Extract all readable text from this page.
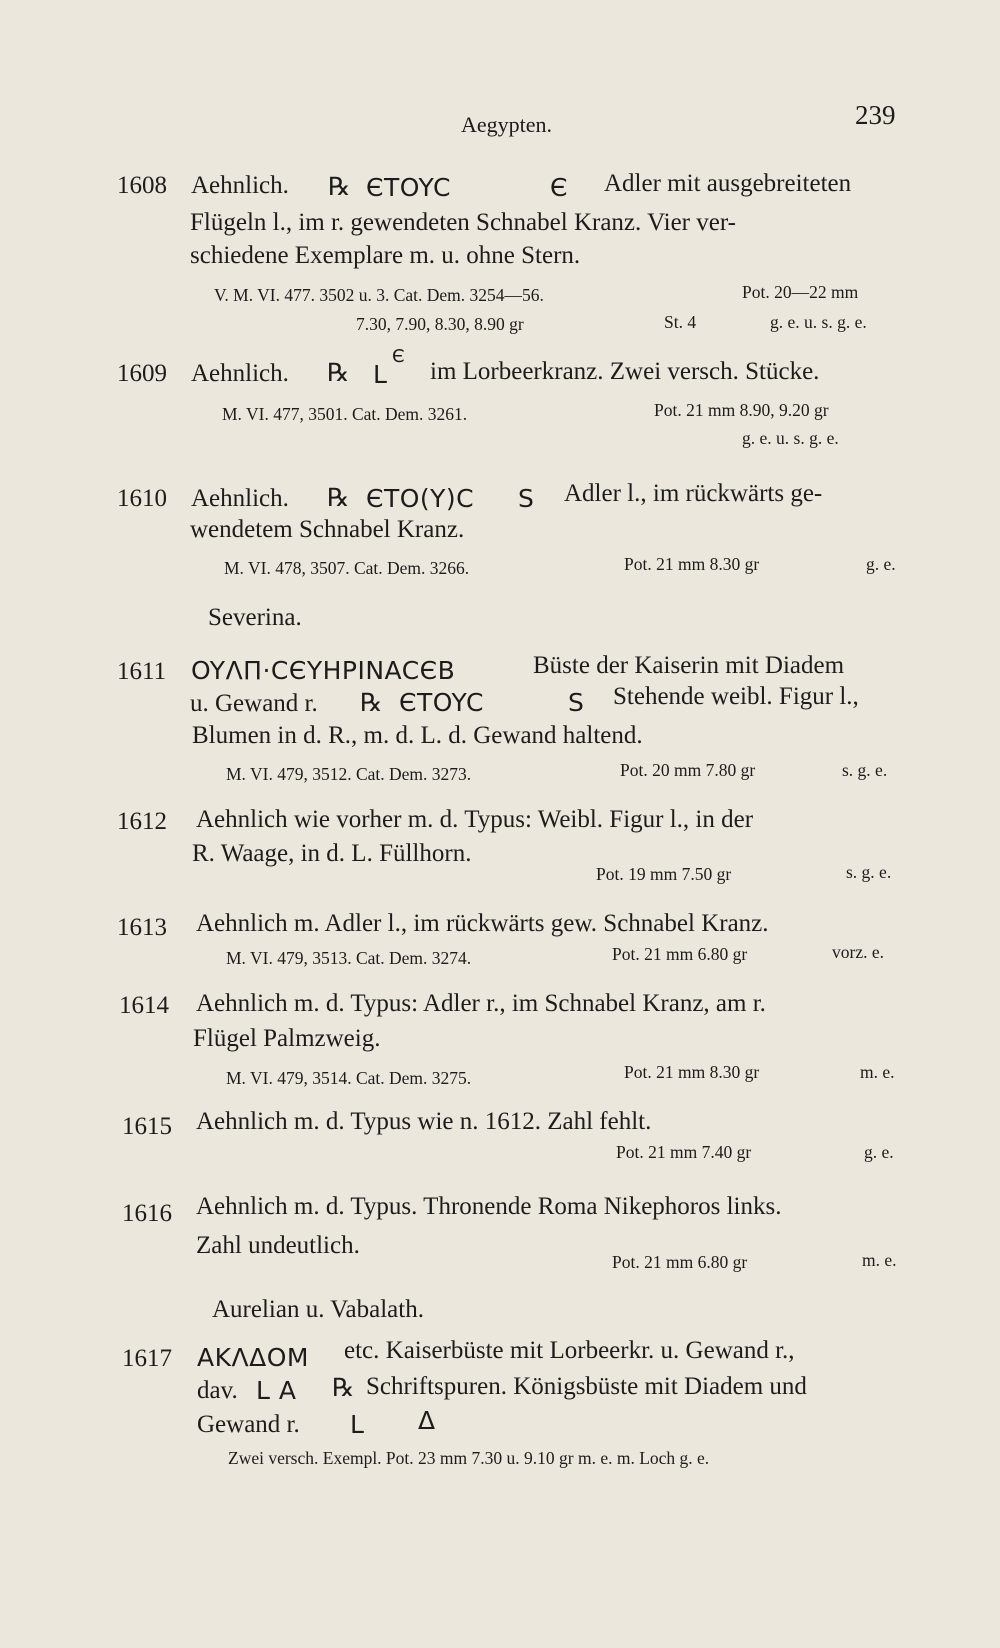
Aegypten.	239
1608 Aehnlich. ℞ ЄTOYC	Є Adler mit ausgebreiteten
Flügeln l., im r. gewendeten Schnabel Kranz. Vier ver-
schiedene Exemplare m. u. ohne Stern.
V. M. VI. 477. 3502 u. 3. Cat. Dem. 3254—56.	Pot. 20—22 mm
7.30, 7.90, 8.30, 8.90 gr	St. 4	g. e. u. s. g. e.
1609 Aehnlich. ℞ L
Є
im Lorbeerkranz. Zwei versch. Stücke.
M. VI. 477, 3501. Cat. Dem. 3261.	Pot. 21 mm 8.90, 9.20 gr
g. e. u. s. g. e.
1610 Aehnlich. ℞ ЄTO(Y)C S Adler l., im rückwärts ge-
wendetem Schnabel Kranz.
M. VI. 478, 3507. Cat. Dem. 3266.	Pot. 21 mm 8.30 gr	g. e.
Severina.
1611 OYΛΠ·CЄYHPINACЄB	Büste der Kaiserin mit Diadem
u. Gewand r. ℞ ЄTOYC	S Stehende weibl. Figur l.,
Blumen in d. R., m. d. L. d. Gewand haltend.
M. VI. 479, 3512. Cat. Dem. 3273.	Pot. 20 mm 7.80 gr	s. g. e.
1612 Aehnlich wie vorher m. d. Typus: Weibl. Figur l., in der
R. Waage, in d. L. Füllhorn.
Pot. 19 mm 7.50 gr	s. g. e.
1613 Aehnlich m. Adler l., im rückwärts gew. Schnabel Kranz.
M. VI. 479, 3513. Cat. Dem. 3274.	Pot. 21 mm 6.80 gr	vorz. e.
1614 Aehnlich m. d. Typus: Adler r., im Schnabel Kranz, am r.
Flügel Palmzweig.
M. VI. 479, 3514. Cat. Dem. 3275.	Pot. 21 mm 8.30 gr	m. e.
1615 Aehnlich m. d. Typus wie n. 1612. Zahl fehlt.
Pot. 21 mm 7.40 gr	g. e.
1616 Aehnlich m. d. Typus. Thronende Roma Nikephoros links.
Zahl undeutlich.
Pot. 21 mm 6.80 gr	m. e.
Aurelian u. Vabalath.
1617 AKΛΔOM etc. Kaiserbüste mit Lorbeerkr. u. Gewand r.,
dav. L A ℞ Schriftspuren. Königsbüste mit Diadem und
Gewand r. L Δ
Zwei versch. Exempl. Pot. 23 mm 7.30 u. 9.10 gr m. e. m. Loch g. e.
